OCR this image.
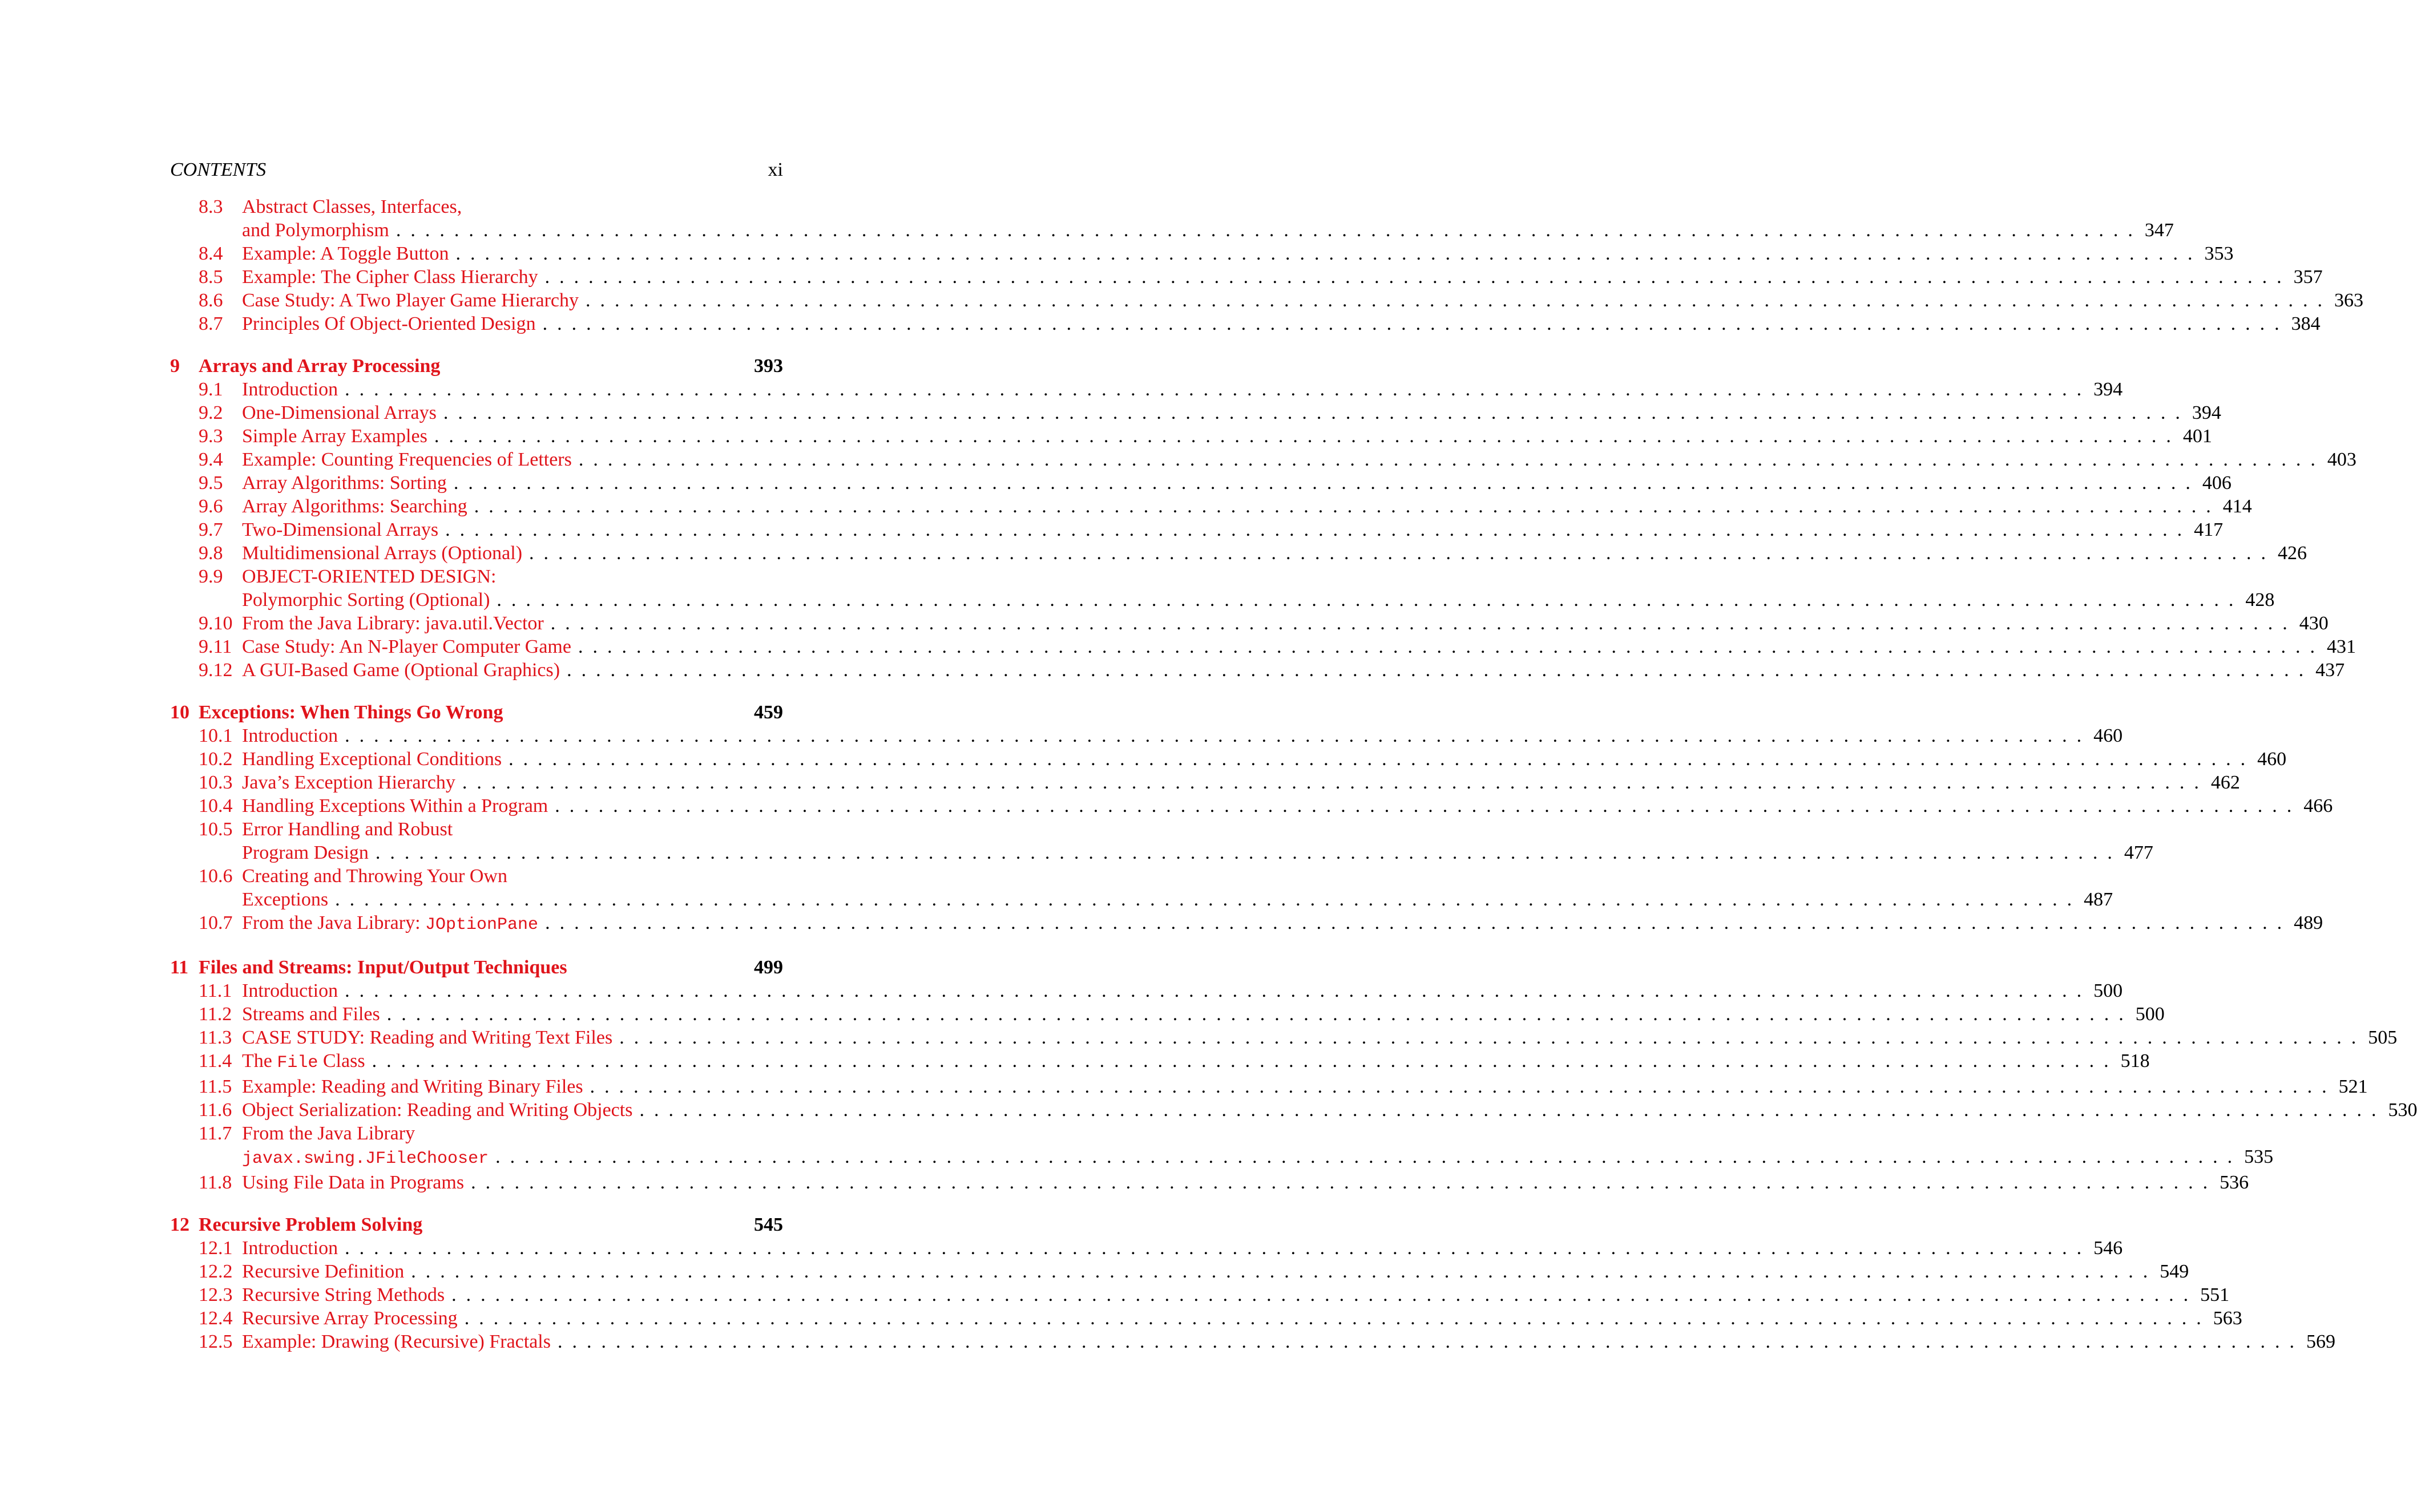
CONTENTS	xi
8.3 Abstract Classes, Interfaces,
and Polymorphism ........................................................................................................................ 347
8.4 Example: A Toggle Button ........................................................................................................................ 353
8.5 Example: The Cipher Class Hierarchy ........................................................................................................................ 357
8.6 Case Study: A Two Player Game Hierarchy ........................................................................................................................ 363
8.7 Principles Of Object-Oriented Design ........................................................................................................................ 384
9 Arrays and Array Processing	393
9.1 Introduction ........................................................................................................................ 394
9.2 One-Dimensional Arrays ........................................................................................................................ 394
9.3 Simple Array Examples ........................................................................................................................ 401
9.4 Example: Counting Frequencies of Letters ........................................................................................................................ 403
9.5 Array Algorithms: Sorting ........................................................................................................................ 406
9.6 Array Algorithms: Searching ........................................................................................................................ 414
9.7 Two-Dimensional Arrays ........................................................................................................................ 417
9.8 Multidimensional Arrays (Optional) ........................................................................................................................ 426
9.9 OBJECT-ORIENTED DESIGN:
Polymorphic Sorting (Optional) ........................................................................................................................ 428
9.10 From the Java Library: java.util.Vector ........................................................................................................................ 430
9.11 Case Study: An N-Player Computer Game ........................................................................................................................ 431
9.12 A GUI-Based Game (Optional Graphics) ........................................................................................................................ 437
10 Exceptions: When Things Go Wrong	459
10.1 Introduction ........................................................................................................................ 460
10.2 Handling Exceptional Conditions ........................................................................................................................ 460
10.3 Java’s Exception Hierarchy ........................................................................................................................ 462
10.4 Handling Exceptions Within a Program ........................................................................................................................ 466
10.5 Error Handling and Robust
Program Design ........................................................................................................................ 477
10.6 Creating and Throwing Your Own
Exceptions ........................................................................................................................ 487
10.7 From the Java Library: JOptionPane ........................................................................................................................ 489
11 Files and Streams: Input/Output Techniques	499
11.1 Introduction ........................................................................................................................ 500
11.2 Streams and Files ........................................................................................................................ 500
11.3 CASE STUDY: Reading and Writing Text Files ........................................................................................................................ 505
11.4 The File Class ........................................................................................................................ 518
11.5 Example: Reading and Writing Binary Files ........................................................................................................................ 521
11.6 Object Serialization: Reading and Writing Objects ........................................................................................................................ 530
11.7 From the Java Library
javax.swing.JFileChooser ........................................................................................................................ 535
11.8 Using File Data in Programs ........................................................................................................................ 536
12 Recursive Problem Solving	545
12.1 Introduction ........................................................................................................................ 546
12.2 Recursive Definition ........................................................................................................................ 549
12.3 Recursive String Methods ........................................................................................................................ 551
12.4 Recursive Array Processing ........................................................................................................................ 563
12.5 Example: Drawing (Recursive) Fractals ........................................................................................................................ 569
